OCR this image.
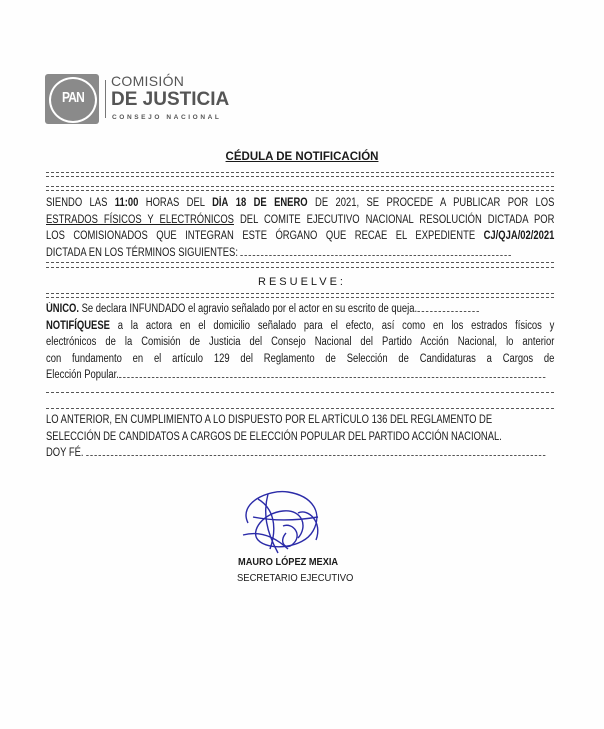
PAN
COMISIÓN
DE JUSTICIA
CONSEJO NACIONAL
CÉDULA DE NOTIFICACIÓN
SIENDO LAS 11:00 HORAS DEL DÍA 18 DE ENERO DE 2021, SE PROCEDE A PUBLICAR POR LOS
ESTRADOS FÍSICOS Y ELECTRÓNICOS DEL COMITE EJECUTIVO NACIONAL RESOLUCIÓN DICTADA POR
LOS COMISIONADOS QUE INTEGRAN ESTE ÓRGANO QUE RECAE EL EXPEDIENTE CJ/QJA/02/2021
DICTADA EN LOS TÉRMINOS SIGUIENTES:
RESUELVE:
ÚNICO. Se declara INFUNDADO el agravio señalado por el actor en su escrito de queja.
NOTIFÍQUESE a la actora en el domicilio señalado para el efecto, así como en los estrados físicos y
electrónicos de la Comisión de Justicia del Consejo Nacional del Partido Acción Nacional, lo anterior
con fundamento en el artículo 129 del Reglamento de Selección de Candidaturas a Cargos de
Elección Popular.
LO ANTERIOR, EN CUMPLIMIENTO A LO DISPUESTO POR EL ARTÍCULO 136 DEL REGLAMENTO DE
SELECCIÓN DE CANDIDATOS A CARGOS DE ELECCIÓN POPULAR DEL PARTIDO ACCIÓN NACIONAL.
DOY FÉ.
MAURO LÓPEZ MEXIA
SECRETARIO EJECUTIVO
